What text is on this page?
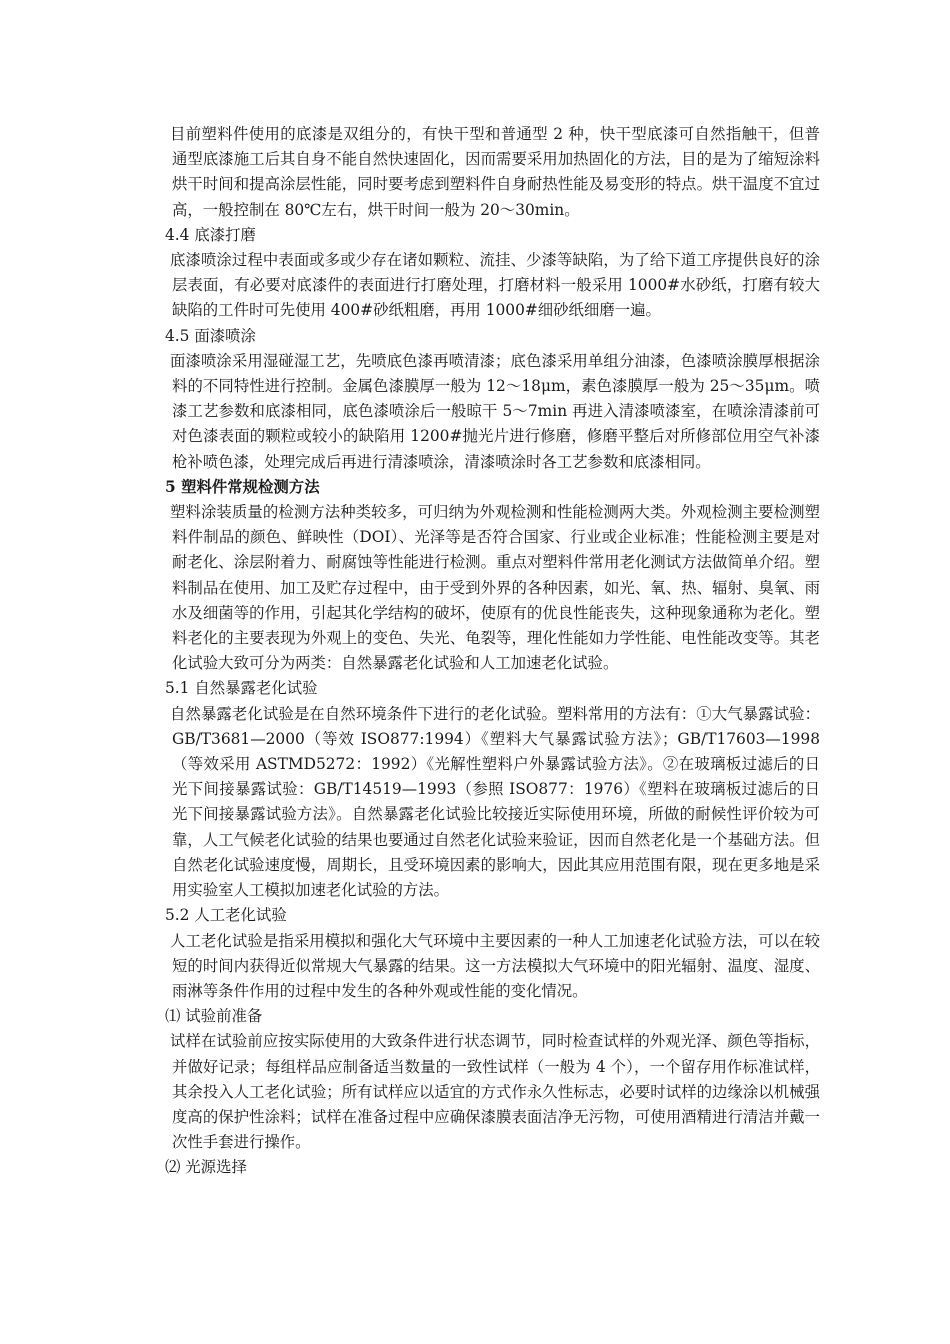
目前塑料件使用的底漆是双组分的，有快干型和普通型 2 种，快干型底漆可自然指触干，但普通型底漆施工后其自身不能自然快速固化，因而需要采用加热固化的方法，目的是为了缩短涂料烘干时间和提高涂层性能，同时要考虑到塑料件自身耐热性能及易变形的特点。烘干温度不宜过高，一般控制在 80℃左右，烘干时间一般为 20～30min。

4.4 底漆打磨

底漆喷涂过程中表面或多或少存在诸如颗粒、流挂、少漆等缺陷，为了给下道工序提供良好的涂层表面，有必要对底漆件的表面进行打磨处理，打磨材料一般采用 1000#水砂纸，打磨有较大缺陷的工件时可先使用 400#砂纸粗磨，再用 1000#细砂纸细磨一遍。

4.5 面漆喷涂

面漆喷涂采用湿碰湿工艺，先喷底色漆再喷清漆；底色漆采用单组分油漆，色漆喷涂膜厚根据涂料的不同特性进行控制。金属色漆膜厚一般为 12～18μm，素色漆膜厚一般为 25～35μm。喷漆工艺参数和底漆相同，底色漆喷涂后一般晾干 5～7min 再进入清漆喷漆室，在喷涂清漆前可对色漆表面的颗粒或较小的缺陷用 1200#抛光片进行修磨，修磨平整后对所修部位用空气补漆枪补喷色漆，处理完成后再进行清漆喷涂，清漆喷涂时各工艺参数和底漆相同。

5 塑料件常规检测方法

塑料涂装质量的检测方法种类较多，可归纳为外观检测和性能检测两大类。外观检测主要检测塑料件制品的颜色、鲜映性（DOI）、光泽等是否符合国家、行业或企业标准；性能检测主要是对耐老化、涂层附着力、耐腐蚀等性能进行检测。重点对塑料件常用老化测试方法做简单介绍。塑料制品在使用、加工及贮存过程中，由于受到外界的各种因素，如光、氧、热、辐射、臭氧、雨水及细菌等的作用，引起其化学结构的破坏，使原有的优良性能丧失，这种现象通称为老化。塑料老化的主要表现为外观上的变色、失光、龟裂等，理化性能如力学性能、电性能改变等。其老化试验大致可分为两类：自然暴露老化试验和人工加速老化试验。

5.1 自然暴露老化试验

自然暴露老化试验是在自然环境条件下进行的老化试验。塑料常用的方法有：①大气暴露试验：GB/T3681—2000（等效 ISO877:1994）《塑料大气暴露试验方法》；GB/T17603—1998（等效采用 ASTMD5272：1992）《光解性塑料户外暴露试验方法》。②在玻璃板过滤后的日光下间接暴露试验：GB/T14519—1993（参照 ISO877：1976）《塑料在玻璃板过滤后的日光下间接暴露试验方法》。自然暴露老化试验比较接近实际使用环境，所做的耐候性评价较为可靠，人工气候老化试验的结果也要通过自然老化试验来验证，因而自然老化是一个基础方法。但自然老化试验速度慢，周期长，且受环境因素的影响大，因此其应用范围有限，现在更多地是采用实验室人工模拟加速老化试验的方法。

5.2 人工老化试验

人工老化试验是指采用模拟和强化大气环境中主要因素的一种人工加速老化试验方法，可以在较短的时间内获得近似常规大气暴露的结果。这一方法模拟大气环境中的阳光辐射、温度、湿度、雨淋等条件作用的过程中发生的各种外观或性能的变化情况。

⑴ 试验前准备

试样在试验前应按实际使用的大致条件进行状态调节，同时检查试样的外观光泽、颜色等指标，并做好记录；每组样品应制备适当数量的一致性试样（一般为 4 个），一个留存用作标准试样，其余投入人工老化试验；所有试样应以适宜的方式作永久性标志，必要时试样的边缘涂以机械强度高的保护性涂料；试样在准备过程中应确保漆膜表面洁净无污物，可使用酒精进行清洁并戴一次性手套进行操作。

⑵ 光源选择
